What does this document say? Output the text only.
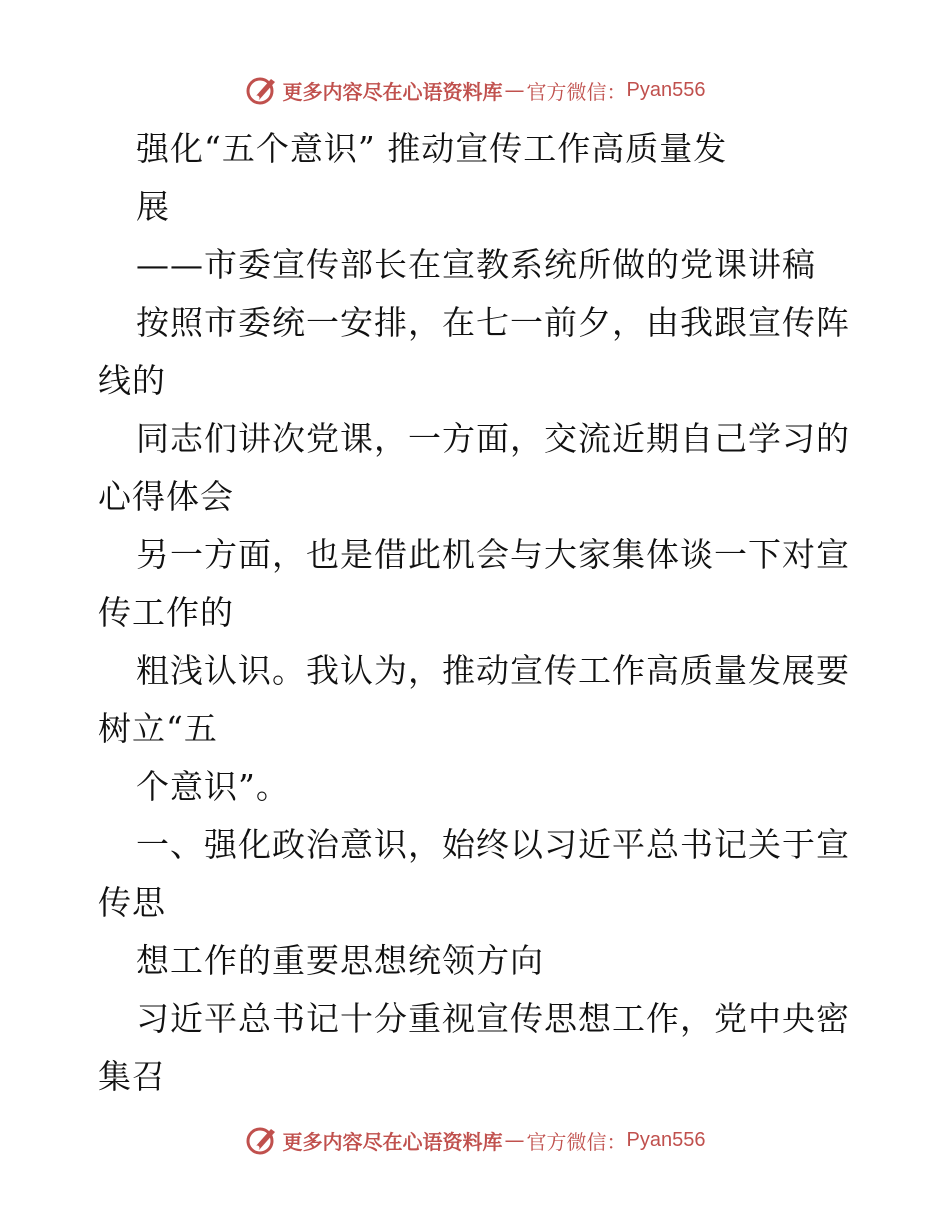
更多内容尽在心语资料库 — 官方微信： Pyan556
强化“五个意识” 推动宣传工作高质量发
展
——市委宣传部长在宣教系统所做的党课讲稿
按照市委统一安排，在七一前夕，由我跟宣传阵
线的
同志们讲次党课，一方面，交流近期自己学习的
心得体会
另一方面，也是借此机会与大家集体谈一下对宣
传工作的
粗浅认识。我认为，推动宣传工作高质量发展要
树立“五
个意识”。
一、强化政治意识，始终以习近平总书记关于宣
传思
想工作的重要思想统领方向
习近平总书记十分重视宣传思想工作，党中央密
集召
更多内容尽在心语资料库 — 官方微信： Pyan556
